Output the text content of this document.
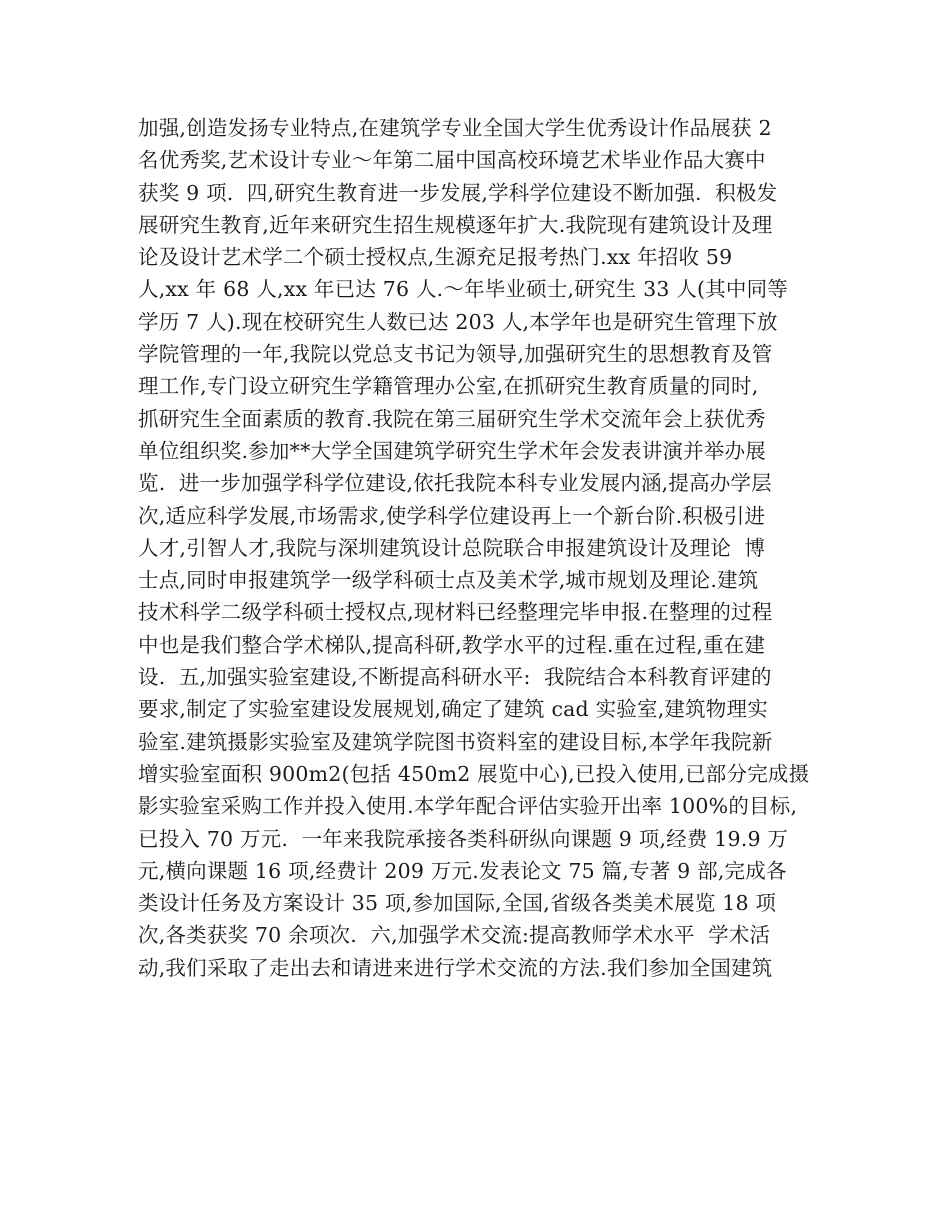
加强,创造发扬专业特点,在建筑学专业全国大学生优秀设计作品展获 2
名优秀奖,艺术设计专业～年第二届中国高校环境艺术毕业作品大赛中
获奖 9 项.  四,研究生教育进一步发展,学科学位建设不断加强.  积极发
展研究生教育,近年来研究生招生规模逐年扩大.我院现有建筑设计及理
论及设计艺术学二个硕士授权点,生源充足报考热门.xx 年招收 59
人,xx 年 68 人,xx 年已达 76 人.～年毕业硕士,研究生 33 人(其中同等
学历 7 人).现在校研究生人数已达 203 人,本学年也是研究生管理下放
学院管理的一年,我院以党总支书记为领导,加强研究生的思想教育及管
理工作,专门设立研究生学籍管理办公室,在抓研究生教育质量的同时,
抓研究生全面素质的教育.我院在第三届研究生学术交流年会上获优秀
单位组织奖.参加**大学全国建筑学研究生学术年会发表讲演并举办展
览.  进一步加强学科学位建设,依托我院本科专业发展内涵,提高办学层
次,适应科学发展,市场需求,使学科学位建设再上一个新台阶.积极引进
人才,引智人才,我院与深圳建筑设计总院联合申报建筑设计及理论  博
士点,同时申报建筑学一级学科硕士点及美术学,城市规划及理论.建筑
技术科学二级学科硕士授权点,现材料已经整理完毕申报.在整理的过程
中也是我们整合学术梯队,提高科研,教学水平的过程.重在过程,重在建
设.  五,加强实验室建设,不断提高科研水平:  我院结合本科教育评建的
要求,制定了实验室建设发展规划,确定了建筑 cad 实验室,建筑物理实
验室.建筑摄影实验室及建筑学院图书资料室的建设目标,本学年我院新
增实验室面积 900m2(包括 450m2 展览中心),已投入使用,已部分完成摄
影实验室采购工作并投入使用.本学年配合评估实验开出率 100%的目标,
已投入 70 万元.  一年来我院承接各类科研纵向课题 9 项,经费 19.9 万
元,横向课题 16 项,经费计 209 万元.发表论文 75 篇,专著 9 部,完成各
类设计任务及方案设计 35 项,参加国际,全国,省级各类美术展览 18 项
次,各类获奖 70 余项次.  六,加强学术交流:提高教师学术水平  学术活
动,我们采取了走出去和请进来进行学术交流的方法.我们参加全国建筑
